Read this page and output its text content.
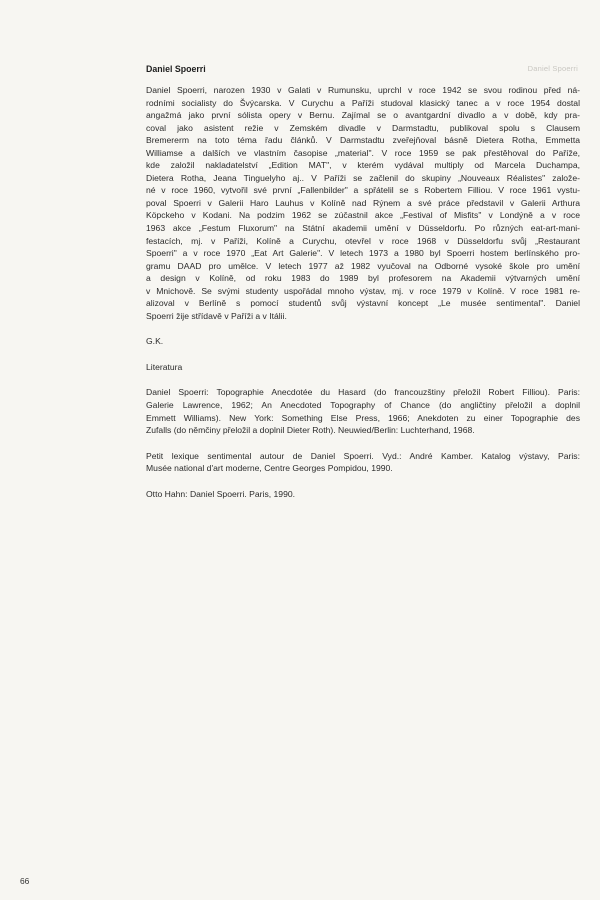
Daniel Spoerri
Daniel Spoerri
Daniel Spoerri, narozen 1930 v Galati v Rumunsku, uprchl v roce 1942 se svou rodinou před ná-
rodními socialisty do Švýcarska. V Curychu a Paříži studoval klasický tanec a v roce 1954 dostal
angažmá jako první sólista opery v Bernu. Zajímal se o avantgardní divadlo a v době, kdy pra-
coval jako asistent režie v Zemském divadle v Darmstadtu, publikoval spolu s Clausem
Bremererm na toto téma řadu článků. V Darmstadtu zveřejňoval básně Dietera Rotha, Emmetta
Williamse a dalších ve vlastním časopise „material". V roce 1959 se pak přestěhoval do Paříže,
kde založil nakladatelství „Edition MAT", v kterém vydával multiply od Marcela Duchampa,
Dietera Rotha, Jeana Tinguelyho aj.. V Paříži se začlenil do skupiny „Nouveaux Réalistes" založe-
né v roce 1960, vytvořil své první „Fallenbilder" a spřátelil se s Robertem Filliou. V roce 1961 vystu-
poval Spoerri v Galerii Haro Lauhus v Kolíně nad Rýnem a své práce představil v Galerii Arthura
Köpckeho v Kodani. Na podzim 1962 se zúčastnil akce „Festival of Misfits" v Londýně a v roce
1963 akce „Festum Fluxorum" na Státní akademii umění v Düsseldorfu. Po různých eat-art-mani-
festacích, mj. v Paříži, Kolíně a Curychu, otevřel v roce 1968 v Düsseldorfu svůj „Restaurant
Spoerri" a v roce 1970 „Eat Art Galerie". V letech 1973 a 1980 byl Spoerri hostem berlínského pro-
gramu DAAD pro umělce. V letech 1977 až 1982 vyučoval na Odborné vysoké škole pro umění
a design v Kolíně, od roku 1983 do 1989 byl profesorem na Akademii výtvarných umění
v Mnichově. Se svými studenty uspořádal mnoho výstav, mj. v roce 1979 v Kolíně. V roce 1981 re-
alizoval v Berlíně s pomocí studentů svůj výstavní koncept „Le musée sentimental". Daniel
Spoerri žije střídavě v Paříži a v Itálii.
G.K.
Literatura
Daniel Spoerri: Topographie Anecdotée du Hasard (do francouzštiny přeložil Robert Filliou). Paris:
Galerie Lawrence, 1962; An Anecdoted Topography of Chance (do angličtiny přeložil a doplnil
Emmett Williams). New York: Something Else Press, 1966; Anekdoten zu einer Topographie des
Zufalls (do němčiny přeložil a doplnil Dieter Roth). Neuwied/Berlin: Luchterhand, 1968.
Petit lexique sentimental autour de Daniel Spoerri. Vyd.: André Kamber. Katalog výstavy, Paris:
Musée national d'art moderne, Centre Georges Pompidou, 1990.
Otto Hahn: Daniel Spoerri. Paris, 1990.
66
